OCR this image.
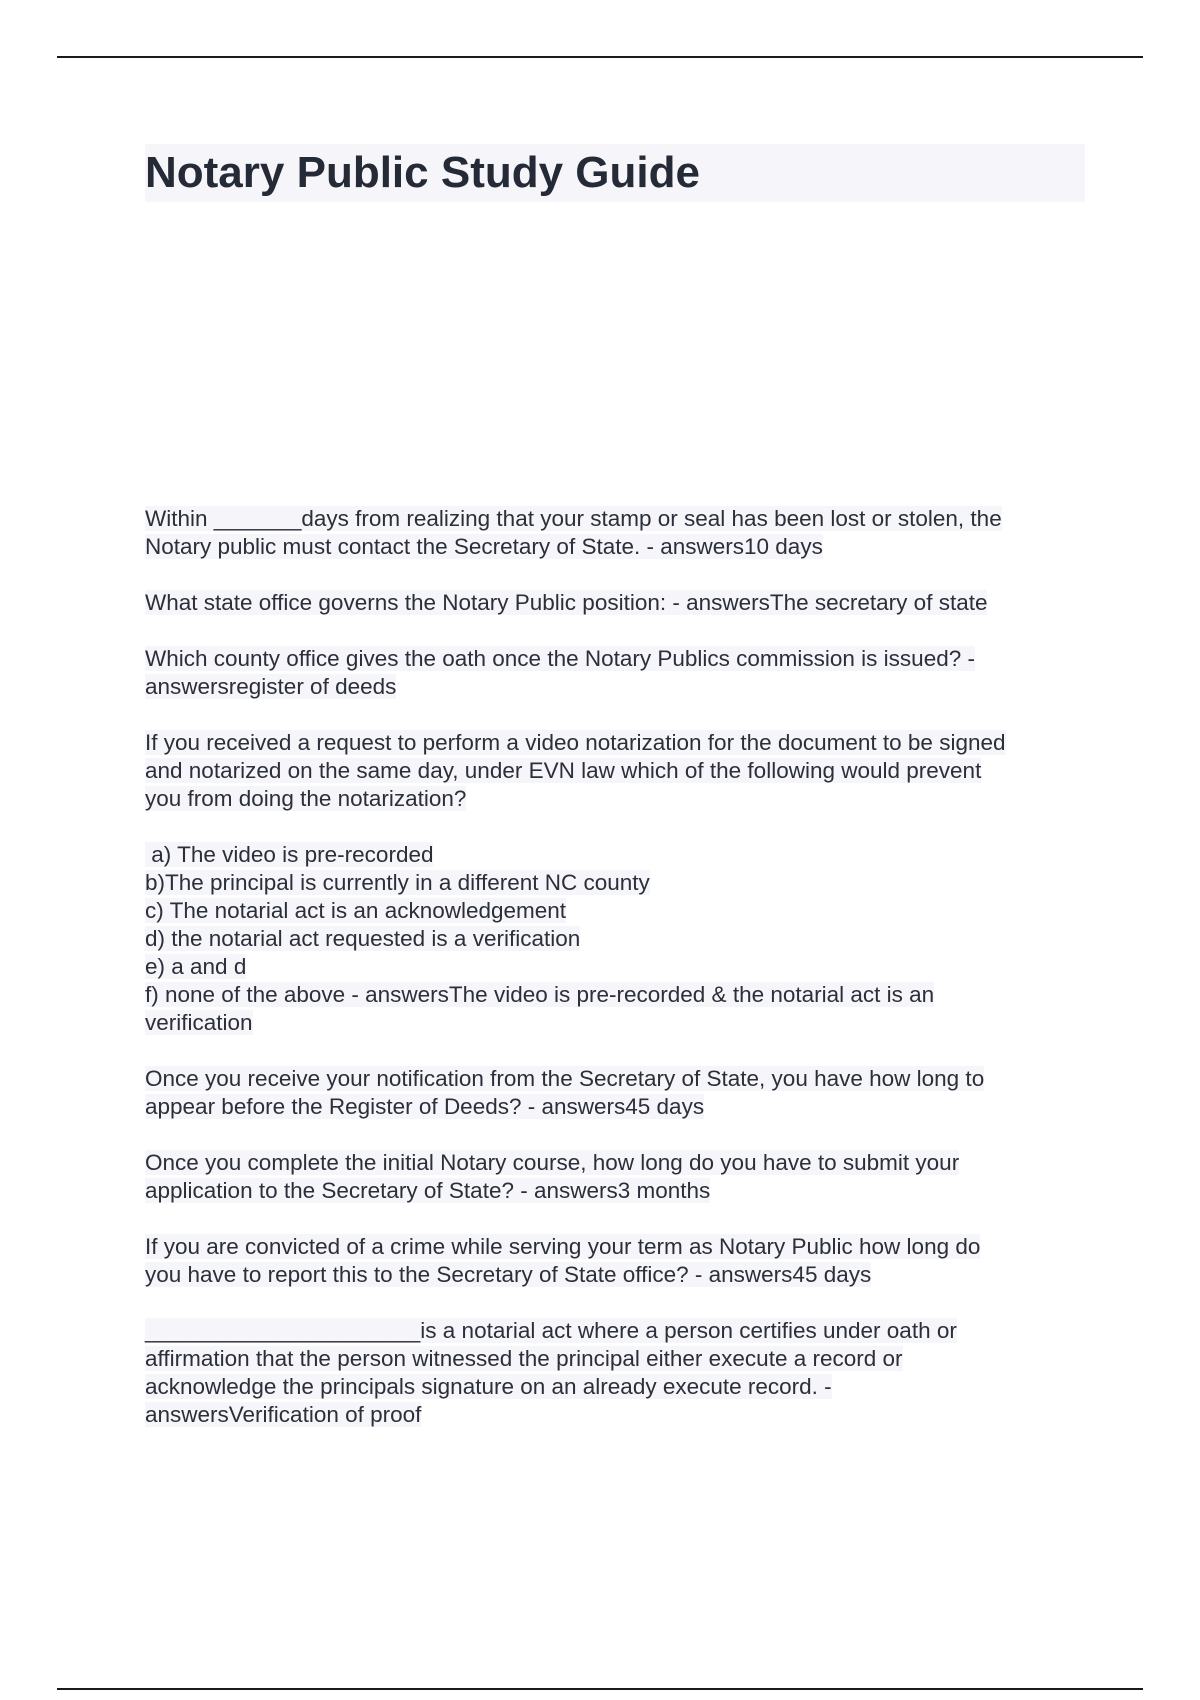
Notary Public Study Guide
Within _______days from realizing that your stamp or seal has been lost or stolen, the
Notary public must contact the Secretary of State. - answers10 days
What state office governs the Notary Public position: - answersThe secretary of state
Which county office gives the oath once the Notary Publics commission is issued? -
answersregister of deeds
If you received a request to perform a video notarization for the document to be signed
and notarized on the same day, under EVN law which of the following would prevent
you from doing the notarization?
a) The video is pre-recorded
b)The principal is currently in a different NC county
c) The notarial act is an acknowledgement
d) the notarial act requested is a verification
e) a and d
f) none of the above - answersThe video is pre-recorded & the notarial act is an
verification
Once you receive your notification from the Secretary of State, you have how long to
appear before the Register of Deeds? - answers45 days
Once you complete the initial Notary course, how long do you have to submit your
application to the Secretary of State? - answers3 months
If you are convicted of a crime while serving your term as Notary Public how long do
you have to report this to the Secretary of State office? - answers45 days
______________________is a notarial act where a person certifies under oath or
affirmation that the person witnessed the principal either execute a record or
acknowledge the principals signature on an already execute record. -
answersVerification of proof
